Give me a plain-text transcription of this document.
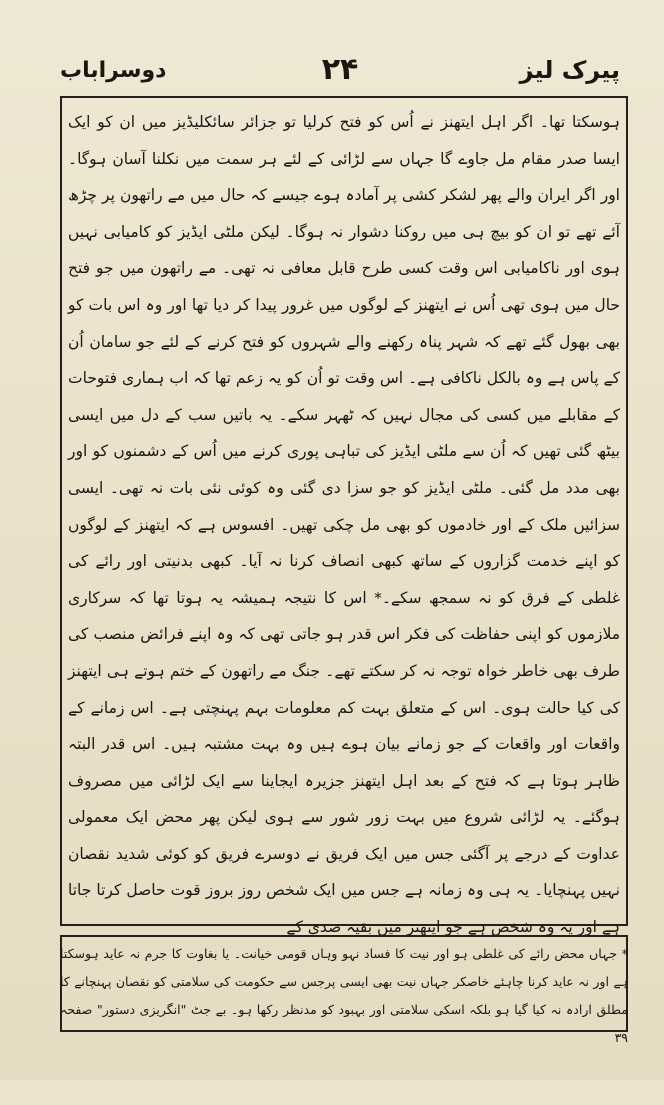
پیرک لیز
۲۴
دوسراباب

ہوسکتا تھا۔ اگر اہل ایتھنز نے اُس کو فتح کرلیا تو جزائر سائکلیڈیز میں ان کو ایک ایسا صدر مقام مل جاوے گا جہاں سے لڑائی کے لئے ہر سمت میں نکلنا آسان ہوگا۔ اور اگر ایران والے پھر لشکر کشی پر آمادہ ہوے جیسے کہ حال میں مے راتھون پر چڑھ آئے تھے تو ان کو بیچ ہی میں روکنا دشوار نہ ہوگا۔ لیکن ملٹی ایڈیز کو کامیابی نہیں ہوی اور ناکامیابی اس وقت کسی طرح قابل معافی نہ تھی۔ مے راتھون میں جو فتح حال میں ہوی تھی اُس نے ایتھنز کے لوگوں میں غرور پیدا کر دیا تھا اور وہ اس بات کو بھی بھول گئے تھے کہ شہر پناہ رکھنے والے شہروں کو فتح کرنے کے لئے جو سامان اُن کے پاس ہے وہ بالکل ناکافی ہے۔ اس وقت تو اُن کو یہ زعم تھا کہ اب ہماری فتوحات کے مقابلے میں کسی کی مجال نہیں کہ ٹھہر سکے۔ یہ باتیں سب کے دل میں ایسی بیٹھ گئی تھیں کہ اُن سے ملٹی ایڈیز کی تباہی پوری کرنے میں اُس کے دشمنوں کو اور بھی مدد مل گئی۔ ملٹی ایڈیز کو جو سزا دی گئی وہ کوئی نئی بات نہ تھی۔ ایسی سزائیں ملک کے اور خادموں کو بھی مل چکی تھیں۔ افسوس ہے کہ ایتھنز کے لوگوں کو اپنے خدمت گزاروں کے ساتھ کبھی انصاف کرنا نہ آیا۔ کبھی بدنیتی اور رائے کی غلطی کے فرق کو نہ سمجھ سکے۔* اس کا نتیجہ ہمیشہ یہ ہوتا تھا کہ سرکاری ملازموں کو اپنی حفاظت کی فکر اس قدر ہو جاتی تھی کہ وہ اپنے فرائض منصب کی طرف بھی خاطر خواہ توجہ نہ کر سکتے تھے۔ جنگ مے راتھون کے ختم ہوتے ہی ایتھنز کی کیا حالت ہوی۔ اس کے متعلق بہت کم معلومات بہم پہنچتی ہے۔ اس زمانے کے واقعات اور واقعات کے جو زمانے بیان ہوے ہیں وہ بہت مشتبہ ہیں۔ اس قدر البتہ ظاہر ہوتا ہے کہ فتح کے بعد اہل ایتھنز جزیرہ ایجاینا سے ایک لڑائی میں مصروف ہوگئے۔ یہ لڑائی شروع میں بہت زور شور سے ہوی لیکن پھر محض ایک معمولی عداوت کے درجے پر آگئی جس میں ایک فریق نے دوسرے فریق کو کوئی شدید نقصان نہیں پہنچایا۔ یہ ہی وہ زمانہ ہے جس میں ایک شخص روز بروز قوت حاصل کرتا جاتا ہے اور یہ وہ شخص ہے جو ایتھنز میں بقیہ صدی کے

* جہاں محض رائے کی غلطی ہو اور نیت کا فساد نہو وہاں قومی خیانت۔ یا بغاوت کا جرم نہ عاید ہوسکتا ہے اور نہ عاید کرنا چاہئے خاصکر جہاں نیت بھی ایسی پرجس سے حکومت کی سلامتی کو نقصان پہنچانے کا مطلق ارادہ نہ کیا گیا ہو بلکہ اسکی سلامتی اور بہبود کو مدنظر رکھا ہو۔ بے جٹ "انگریزی دستور" صفحہ ۳۹
